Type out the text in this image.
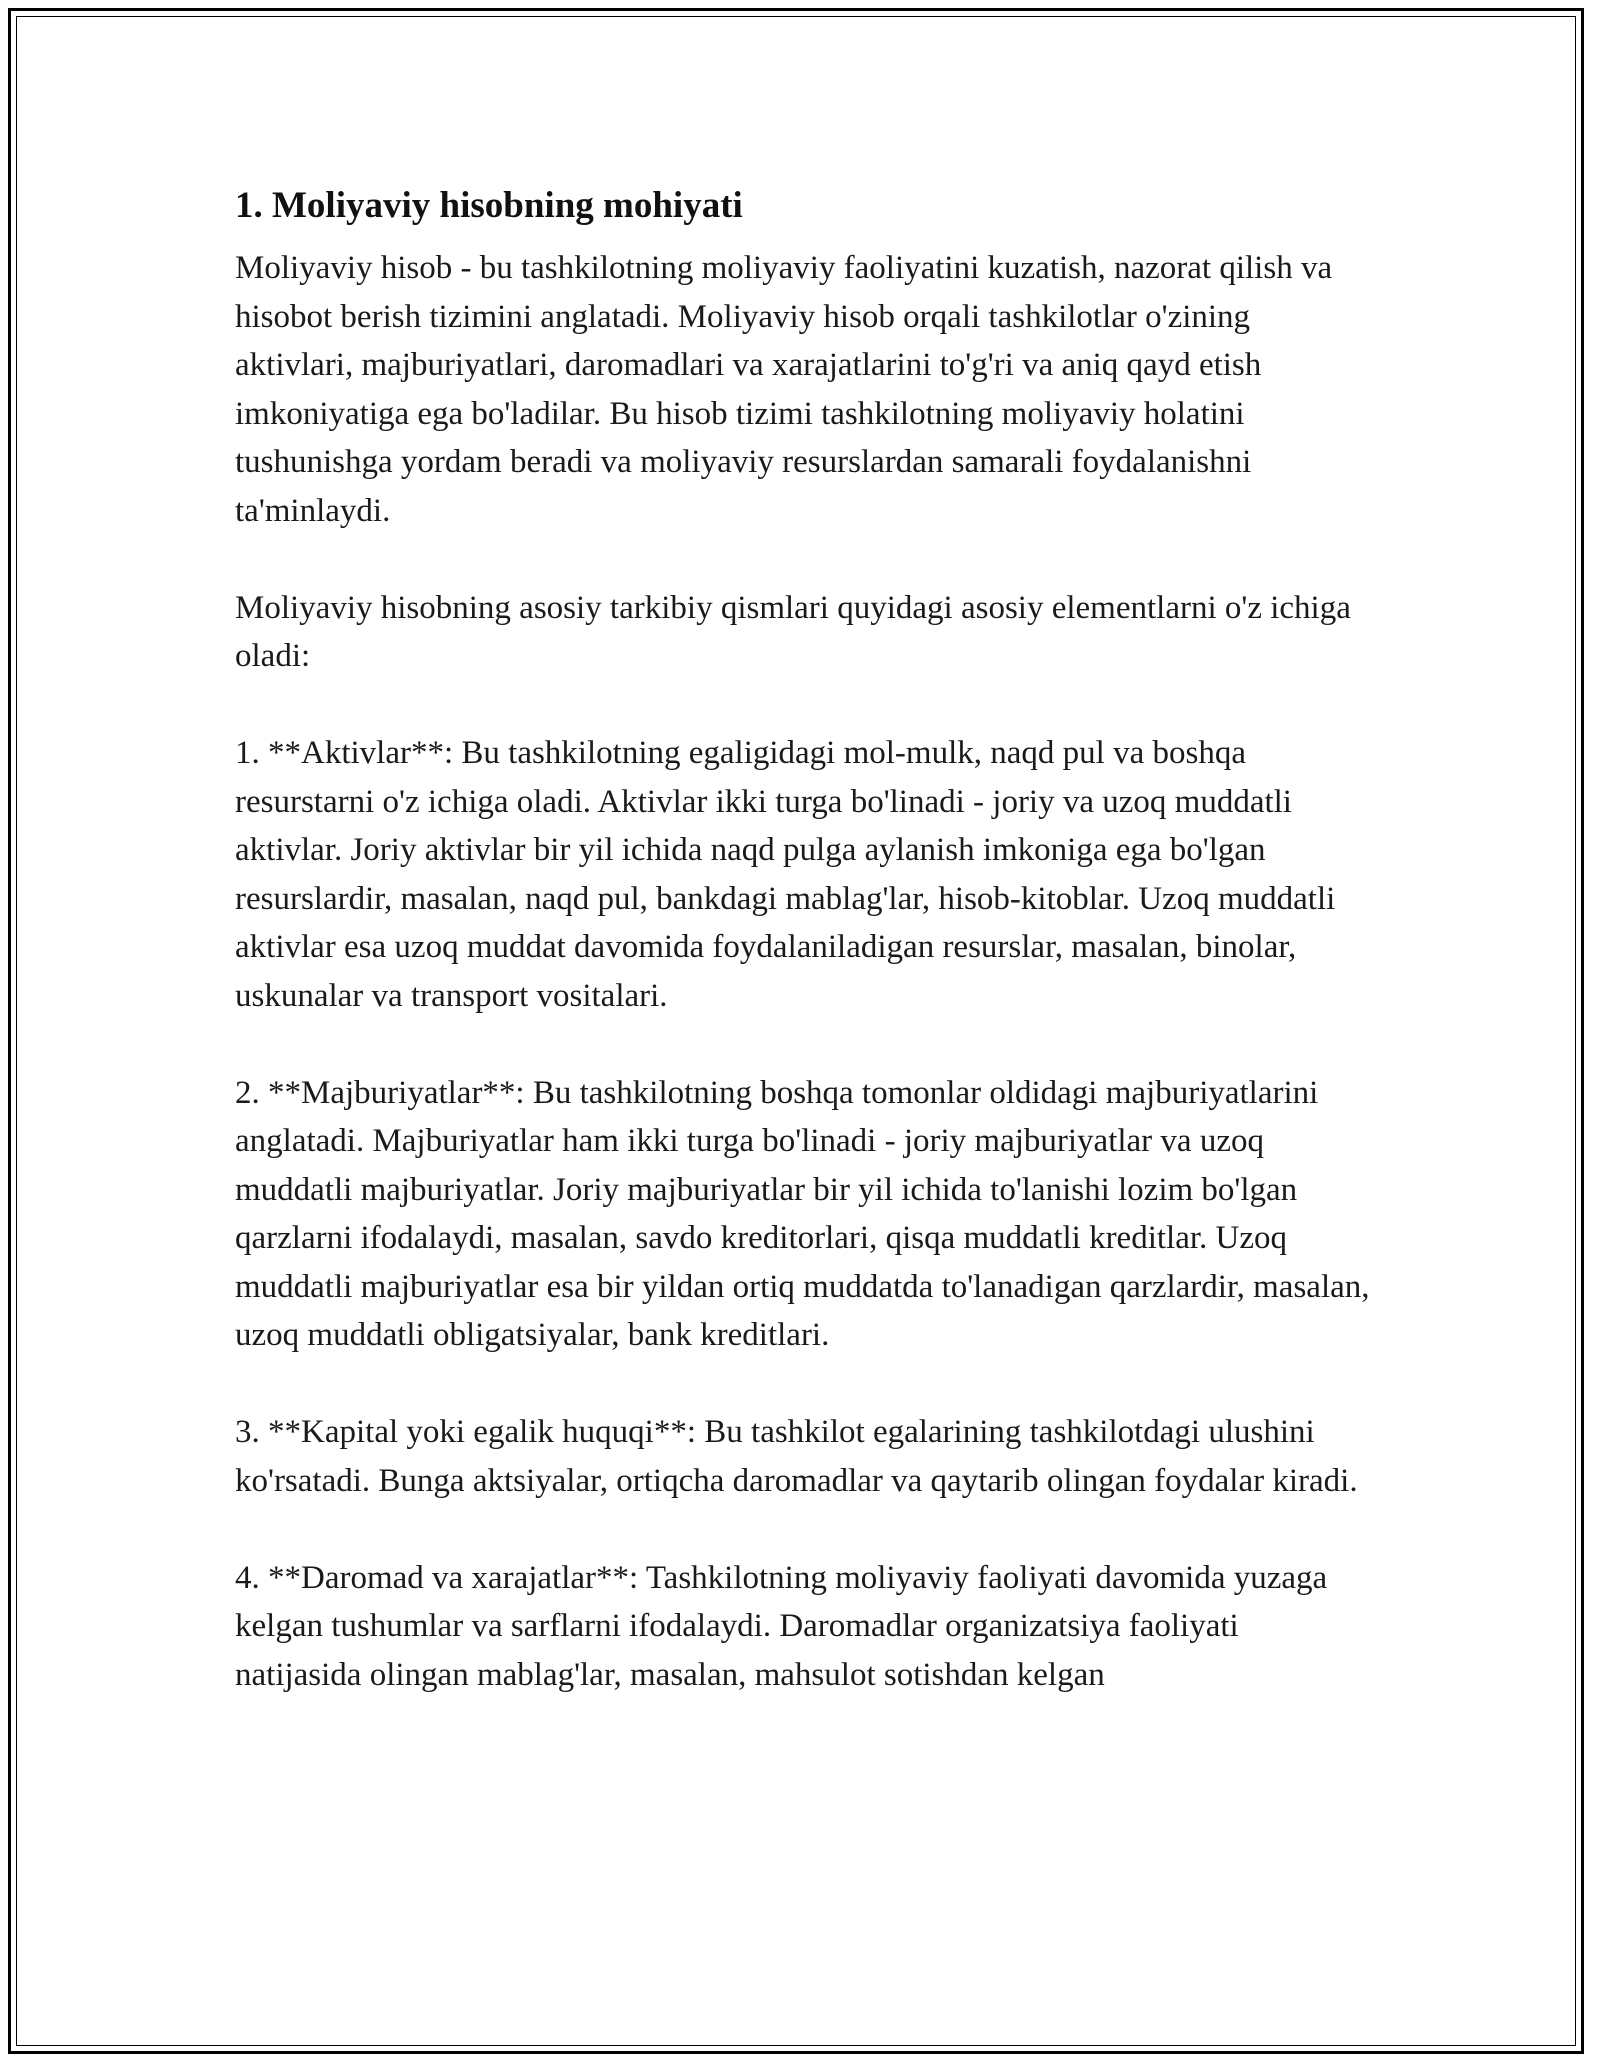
1. Moliyaviy hisobning mohiyati

Moliyaviy hisob - bu tashkilotning moliyaviy faoliyatini kuzatish, nazorat qilish va hisobot berish tizimini anglatadi. Moliyaviy hisob orqali tashkilotlar o'zining aktivlari, majburiyatlari, daromadlari va xarajatlarini to'g'ri va aniq qayd etish imkoniyatiga ega bo'ladilar. Bu hisob tizimi tashkilotning moliyaviy holatini tushunishga yordam beradi va moliyaviy resurslardan samarali foydalanishni ta'minlaydi.

Moliyaviy hisobning asosiy tarkibiy qismlari quyidagi asosiy elementlarni o'z ichiga oladi:

1. **Aktivlar**: Bu tashkilotning egaligidagi mol-mulk, naqd pul va boshqa resurstarni o'z ichiga oladi. Aktivlar ikki turga bo'linadi - joriy va uzoq muddatli aktivlar. Joriy aktivlar bir yil ichida naqd pulga aylanish imkoniga ega bo'lgan resurslardir, masalan, naqd pul, bankdagi mablag'lar, hisob-kitoblar. Uzoq muddatli aktivlar esa uzoq muddat davomida foydalaniladigan resurslar, masalan, binolar, uskunalar va transport vositalari.

2. **Majburiyatlar**: Bu tashkilotning boshqa tomonlar oldidagi majburiyatlarini anglatadi. Majburiyatlar ham ikki turga bo'linadi - joriy majburiyatlar va uzoq muddatli majburiyatlar. Joriy majburiyatlar bir yil ichida to'lanishi lozim bo'lgan qarzlarni ifodalaydi, masalan, savdo kreditorlari, qisqa muddatli kreditlar. Uzoq muddatli majburiyatlar esa bir yildan ortiq muddatda to'lanadigan qarzlardir, masalan, uzoq muddatli obligatsiyalar, bank kreditlari.

3. **Kapital yoki egalik huquqi**: Bu tashkilot egalarining tashkilotdagi ulushini ko'rsatadi. Bunga aktsiyalar, ortiqcha daromadlar va qaytarib olingan foydalar kiradi.

4. **Daromad va xarajatlar**: Tashkilotning moliyaviy faoliyati davomida yuzaga kelgan tushumlar va sarflarni ifodalaydi. Daromadlar organizatsiya faoliyati natijasida olingan mablag'lar, masalan, mahsulot sotishdan kelgan
